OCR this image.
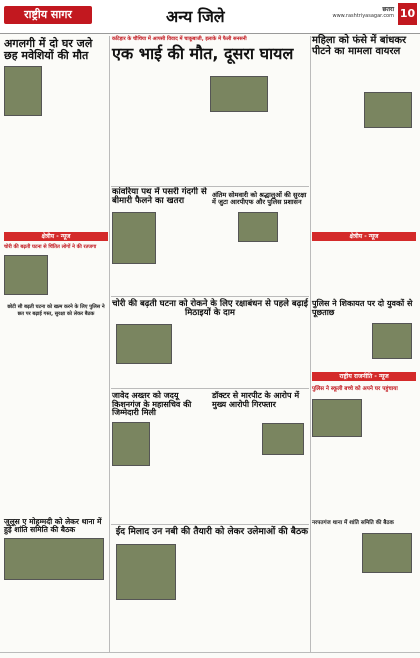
राष्ट्रीय सागर	अन्य जिले	छतरा
www.rashtriyasagar.com 10
अगलगी में दो घर जले छह मवेशियों की मौत

कटिहार के चौथिया में आपसी विवाद में चाकूबाजी, इलाके में फैली सनसनी
एक भाई की मौत, दूसरा घायल
महिला को फंसे में बांधकर पीटने का मामला वायरल
कांवरिया पथ में पसरी गंदगी से बीमारी फैलने का खतरा
अंतिम सोमवारी को श्रद्धालुओं की सुरक्षा में जुटा आरपीएफ और पुलिस प्रशासन
क्षेत्रीय - न्यूज
चोरी की बढ़ती घटना से चिंतित लोगों ने की रतजगा
छोटी सी बढ़ती घटना को खत्म करने के लिए पुलिस ने छत पर बढ़ाई गस्त, सुरक्षा को लेकर बैठक
क्षेत्रीय - न्यूज
चोरी की बढ़ती घटना को रोकने के लिए रक्षाबंधन से पहले बढ़ाई मिठाइयों के दाम
पुलिस ने शिकायत पर दो युवकों से पूछताछ
जावेद अख्तर को जदयू किशनगंज के महासचिव की जिम्मेदारी मिली
डॉक्टर से मारपीट के आरोप में मुख्य आरोपी गिरफ्तार
जुलूस ए मोहम्मदी को लेकर थाना में हुई शांति समिति की बैठक	ईद मिलाद उन नबी की तैयारी को लेकर उलेमाओं की बैठक
राष्ट्रीय राजनीति - न्यूज
पुलिस ने स्कूली बच्चे को अपने घर पहुंचाया
नरपतगंज थाना में शांति समिति की बैठक
